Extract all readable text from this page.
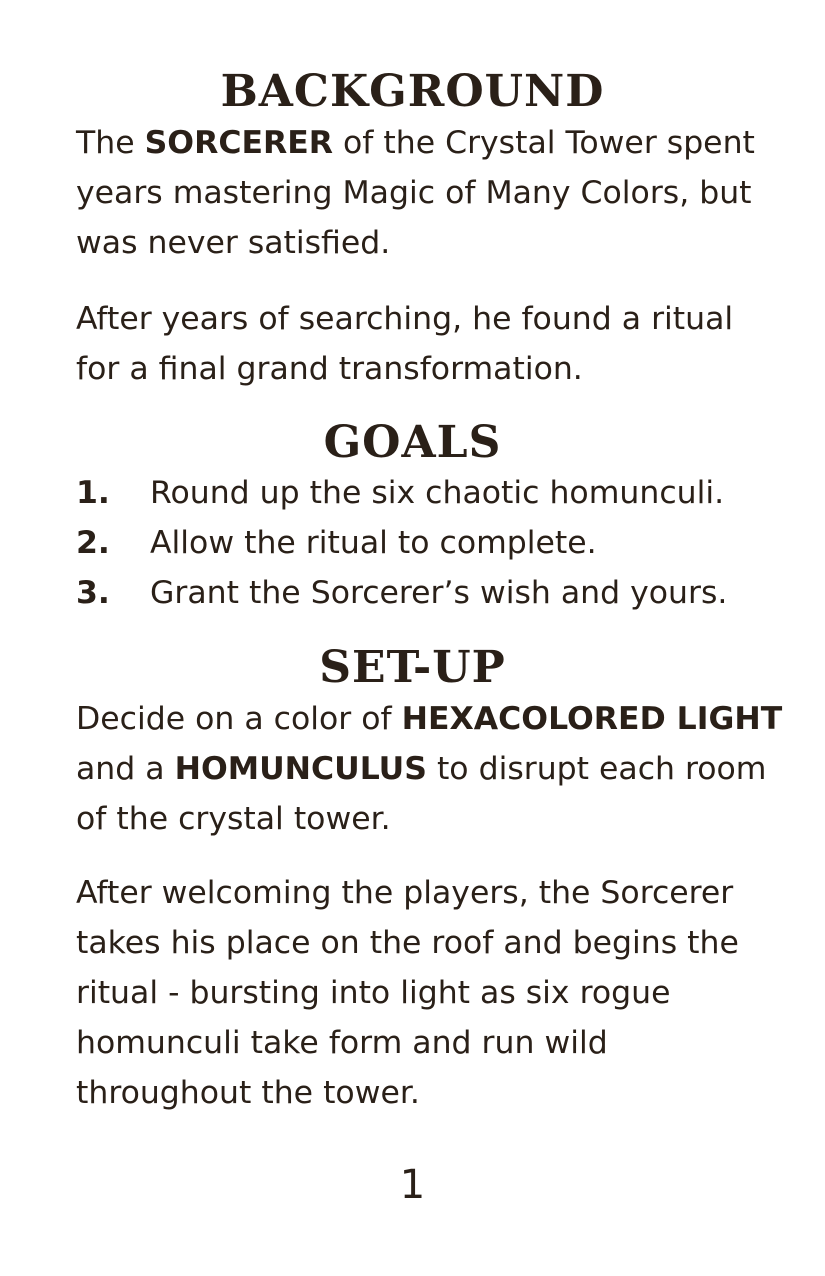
BACKGROUND

The SORCERER of the Crystal Tower spent years mastering Magic of Many Colors, but was never satisfied.

After years of searching, he found a ritual for a final grand transformation.

GOALS
1.	Round up the six chaotic homunculi.
2.	Allow the ritual to complete.
3.	Grant the Sorcerer’s wish and yours.
SET-UP

Decide on a color of HEXACOLORED LIGHT and a HOMUNCULUS to disrupt each room of the crystal tower.

After welcoming the players, the Sorcerer takes his place on the roof and begins the ritual - bursting into light as six rogue homunculi take form and run wild throughout the tower.

1
